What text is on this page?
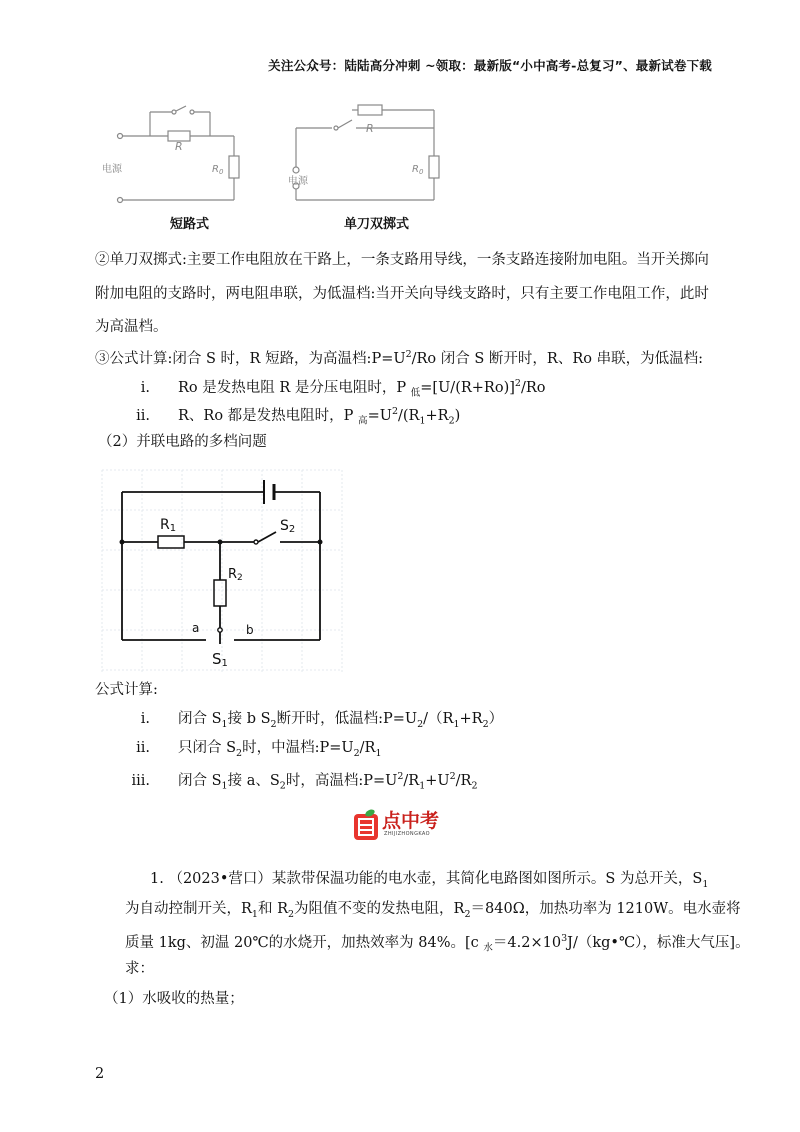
关注公众号：陆陆高分冲刺 ~领取：最新版“小中高考-总复习”、最新试卷下载
R
$R_0$
电源
R
$R_0$
电源
短路式	单刀双掷式
②单刀双掷式:主要工作电阻放在干路上，一条支路用导线，一条支路连接附加电阻。当开关掷向
附加电阻的支路时，两电阻串联，为低温档:当开关向导线支路时，只有主要工作电阻工作，此时
为高温档。
③公式计算:闭合 S 时，R 短路，为高温档$:P=U^2/Ro$ 闭合 S 断开时，R、Ro 串联，为低温档:
i. Ro 是发热电阻 R 是分压电阻时，P $_低=[U/(R+Ro)]^2/Ro$
ii. R、Ro 都是发热电阻时，P $_高=U^2/(R_1+R_2)$
（2）并联电路的多档问题
R1	S2
R2
a	b
S1
公式计算:
i. 闭合 $S_1$接 b $S_2$断开时，低温档$:P=U_2/(R_1+R_2)$
ii. 只闭合 $S_2$时，中温档$:P=U_2/R_1$
iii. 闭合 $S_1$接 a、$S_2$时，高温档$:P=U^2/R_1+U^2/R_2$
点中考
ZHIJIZHONGKAO
1. （2023•营口）某款带保温功能的电水壶，其简化电路图如图所示。S 为总开关，$S_1$
为自动控制开关，$R_1$和 $R_2$为阻值不变的发热电阻，$R_2=840\Omega$，加热功率为 1210W。电水壶将
质量 1kg、初温 20℃的水烧开，加热效率为 84%。[c $_水=4.2\times 10^3J/(kg•℃)$，标准大气压]。
求：
（1）水吸收的热量；
2
